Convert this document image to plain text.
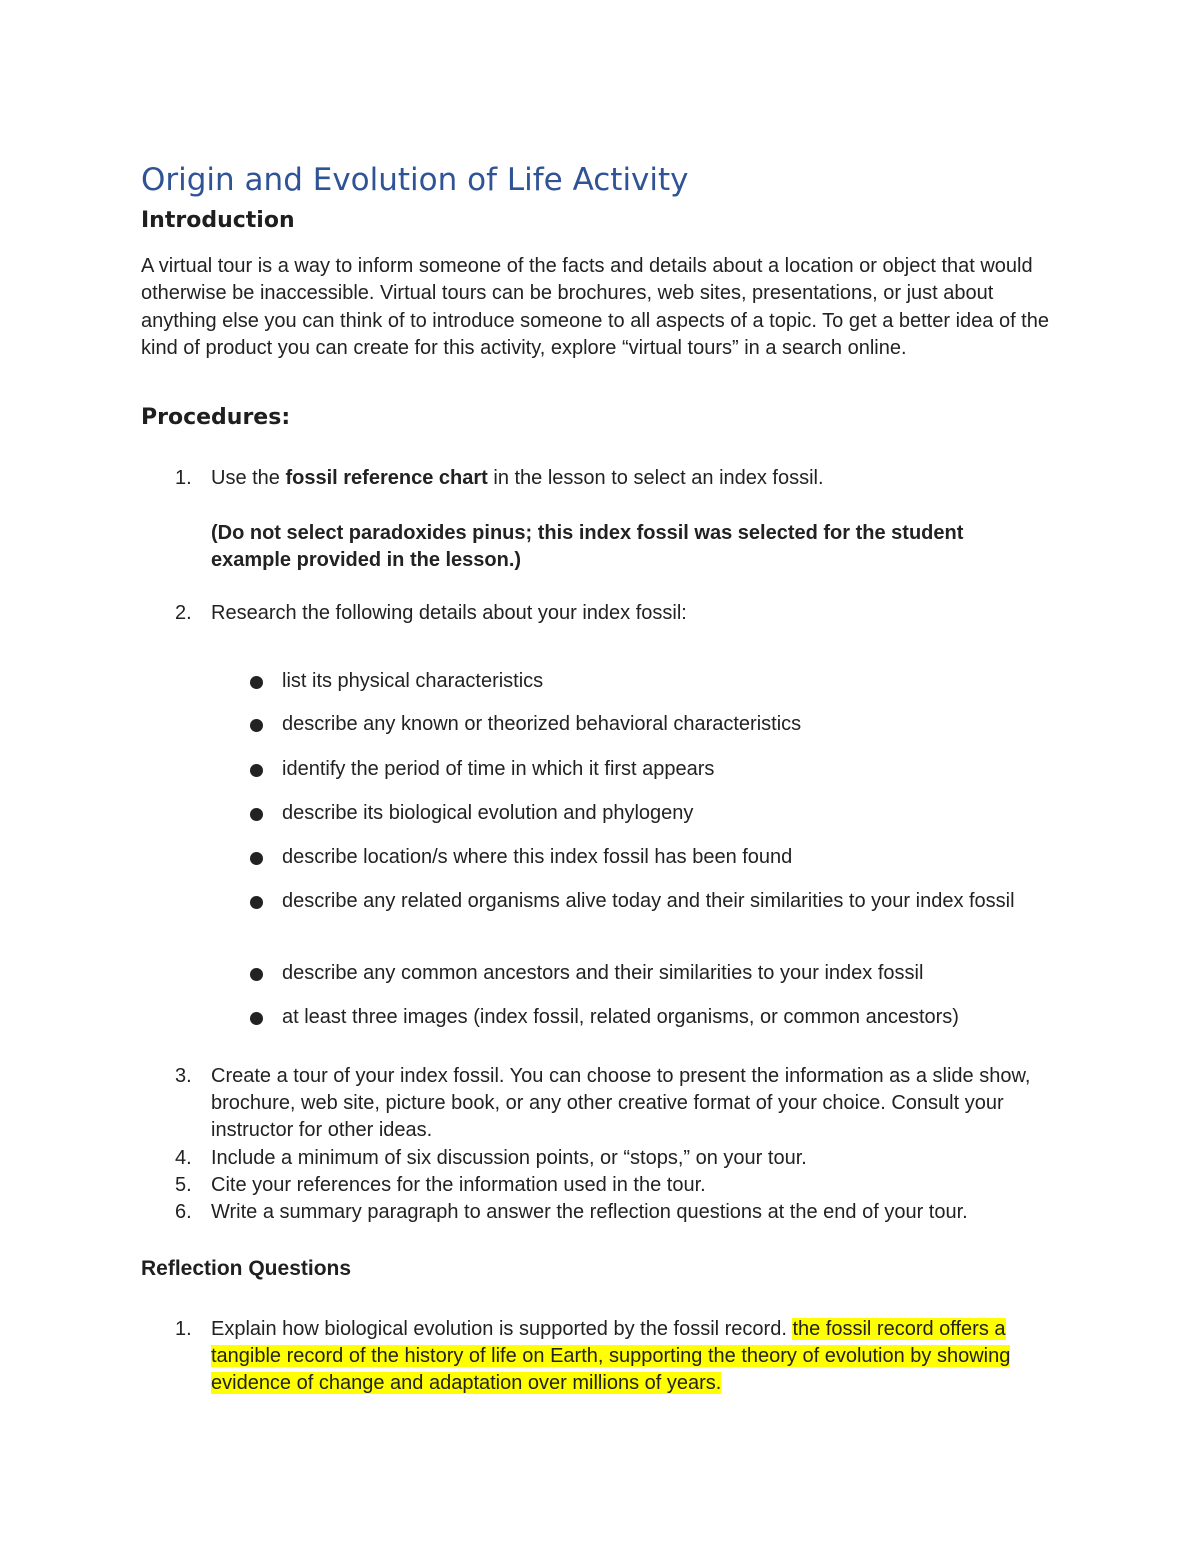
Origin and Evolution of Life Activity
Introduction

A virtual tour is a way to inform someone of the facts and details about a location or object that would otherwise be inaccessible. Virtual tours can be brochures, web sites, presentations, or just about anything else you can think of to introduce someone to all aspects of a topic. To get a better idea of the kind of product you can create for this activity, explore “virtual tours” in a search online.

Procedures:
1. Use the fossil reference chart in the lesson to select an index fossil.

(Do not select paradoxides pinus; this index fossil was selected for the student example provided in the lesson.)

2. Research the following details about your index fossil:

list its physical characteristics

describe any known or theorized behavioral characteristics

identify the period of time in which it first appears

describe its biological evolution and phylogeny

describe location/s where this index fossil has been found

describe any related organisms alive today and their similarities to your index fossil

describe any common ancestors and their similarities to your index fossil

at least three images (index fossil, related organisms, or common ancestors)

3. Create a tour of your index fossil. You can choose to present the information as a slide show, brochure, web site, picture book, or any other creative format of your choice. Consult your instructor for other ideas.

4. Include a minimum of six discussion points, or “stops,” on your tour.

5. Cite your references for the information used in the tour.

6. Write a summary paragraph to answer the reflection questions at the end of your tour.

Reflection Questions
1. Explain how biological evolution is supported by the fossil record. the fossil record offers a tangible record of the history of life on Earth, supporting the theory of evolution by showing evidence of change and adaptation over millions of years.
